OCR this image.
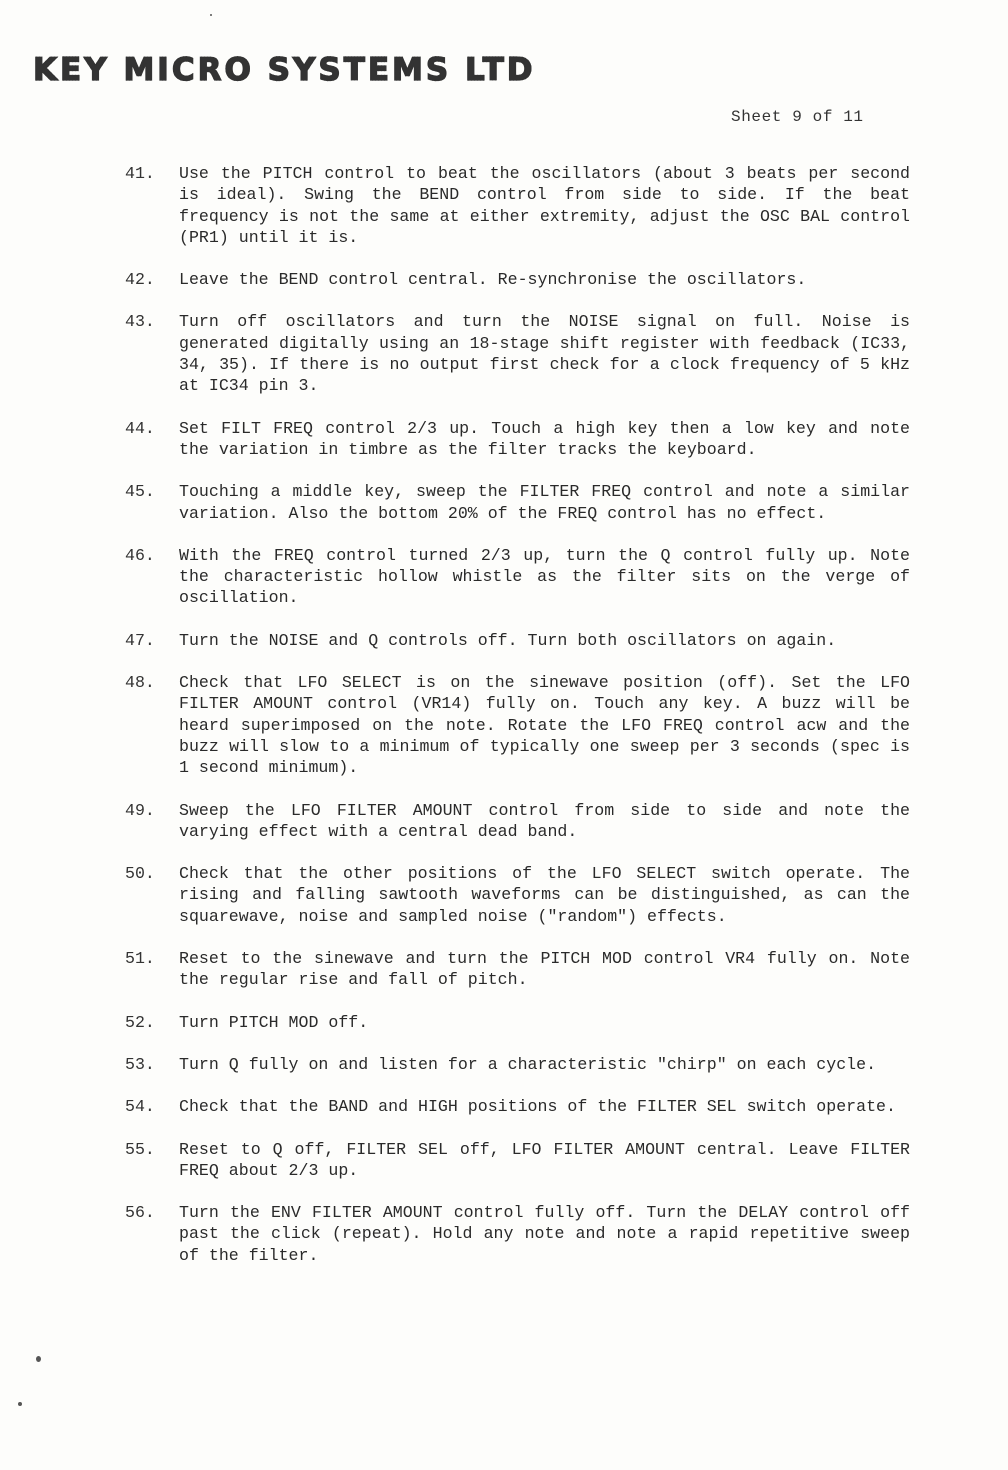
KEY MICRO SYSTEMS LTD
Sheet 9 of 11
41.	Use the PITCH control to beat the oscillators (about 3 beats per second is ideal). Swing the BEND control from side to side. If the beat frequency is not the same at either extremity, adjust the OSC BAL control (PR1) until it is.
42.	Leave the BEND control central. Re-synchronise the oscillators.
43.	Turn off oscillators and turn the NOISE signal on full. Noise is generated digitally using an 18-stage shift register with feedback (IC33, 34, 35). If there is no output first check for a clock frequency of 5 kHz at IC34 pin 3.
44.	Set FILT FREQ control 2/3 up. Touch a high key then a low key and note the variation in timbre as the filter tracks the keyboard.
45.	Touching a middle key, sweep the FILTER FREQ control and note a similar variation. Also the bottom 20% of the FREQ control has no effect.
46.	With the FREQ control turned 2/3 up, turn the Q control fully up. Note the characteristic hollow whistle as the filter sits on the verge of oscillation.
47.	Turn the NOISE and Q controls off. Turn both oscillators on again.
48.	Check that LFO SELECT is on the sinewave position (off). Set the LFO FILTER AMOUNT control (VR14) fully on. Touch any key. A buzz will be heard superimposed on the note. Rotate the LFO FREQ control acw and the buzz will slow to a minimum of typically one sweep per 3 seconds (spec is 1 second minimum).
49.	Sweep the LFO FILTER AMOUNT control from side to side and note the varying effect with a central dead band.
50.	Check that the other positions of the LFO SELECT switch operate. The rising and falling sawtooth waveforms can be distinguished, as can the squarewave, noise and sampled noise ("random") effects.
51.	Reset to the sinewave and turn the PITCH MOD control VR4 fully on. Note the regular rise and fall of pitch.
52.	Turn PITCH MOD off.
53.	Turn Q fully on and listen for a characteristic "chirp" on each cycle.
54.	Check that the BAND and HIGH positions of the FILTER SEL switch operate.
55.	Reset to Q off, FILTER SEL off, LFO FILTER AMOUNT central. Leave FILTER FREQ about 2/3 up.
56.	Turn the ENV FILTER AMOUNT control fully off. Turn the DELAY control off past the click (repeat). Hold any note and note a rapid repetitive sweep of the filter.
